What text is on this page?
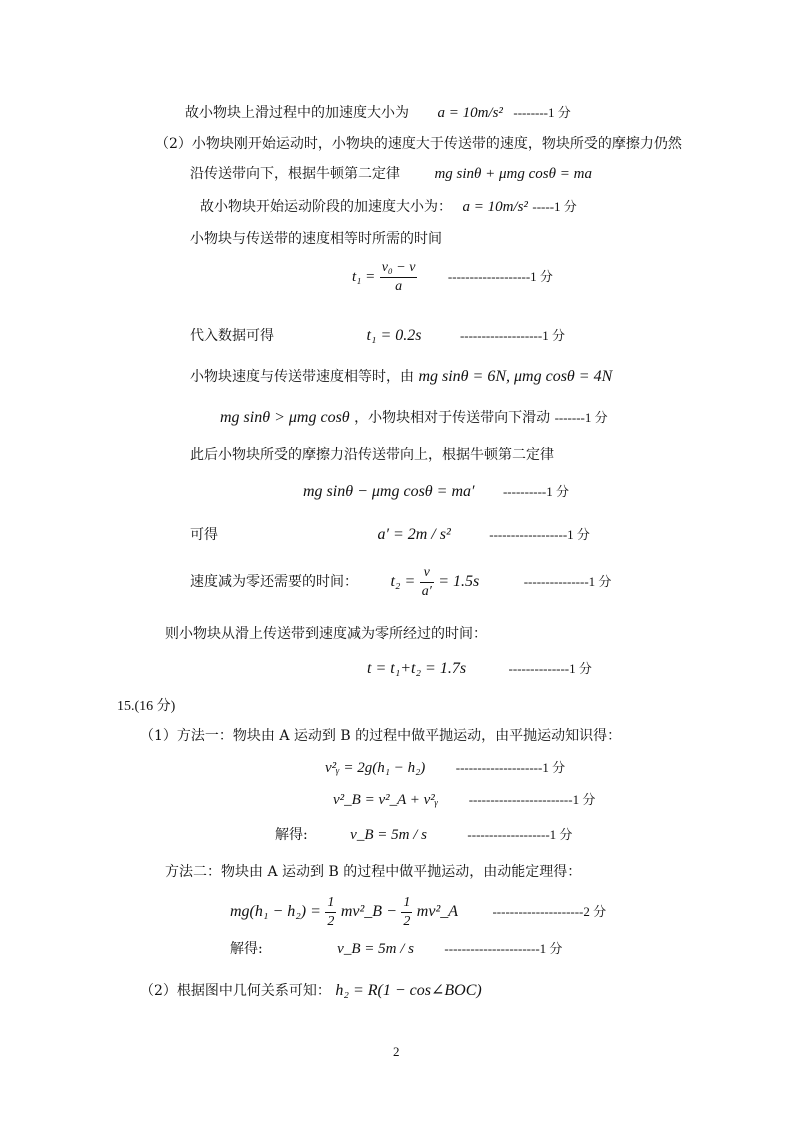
故小物块上滑过程中的加速度大小为 a = 10m/s² --------1 分
（2）小物块刚开始运动时，小物块的速度大于传送带的速度，物块所受的摩擦力仍然
沿传送带向下，根据牛顿第二定律 mg sinθ + μmg cosθ = ma
故小物块开始运动阶段的加速度大小为： a = 10m/s² -----1 分
小物块与传送带的速度相等时所需的时间
$t_1 = \frac{\text{v₀ − v}}{a} -------------------1$ 分
代入数据可得	t₁ = 0.2s	-------------------1 分
小物块速度与传送带速度相等时，由 mg sinθ = 6N, μmg cosθ = 4N
mg sinθ > μmg cosθ ，小物块相对于传送带向下滑动 -------1 分
此后小物块所受的摩擦力沿传送带向上，根据牛顿第二定律
mg sinθ − μmg cosθ = ma′ ----------1 分
可得	a′ = 2m / s²	------------------1 分
速度减为零还需要的时间： $t_2 = \frac{v}{a'} = 1.5s$	---------------1 分
则小物块从滑上传送带到速度减为零所经过的时间：
t = t₁+t₂ = 1.7s	--------------1 分
15.(16 分)
（1）方法一：物块由 A 运动到 B 的过程中做平抛运动，由平抛运动知识得：
v²ᵧ = 2g(h₁ − h₂) --------------------1 分
v²_B = v²_A + v²ᵧ ------------------------1 分
解得:	v_B = 5m / s	-------------------1 分
方法二：物块由 A 运动到 B 的过程中做平抛运动，由动能定理得：
$mg(h_1 - h_2) = \frac{1}{2}$ mv²_B − $\frac{1}{2}$ mv²_A	---------------------2 分
解得:	v_B = 5m / s ----------------------1 分
（2）根据图中几何关系可知： h₂ = R(1 − cos∠BOC)
2
